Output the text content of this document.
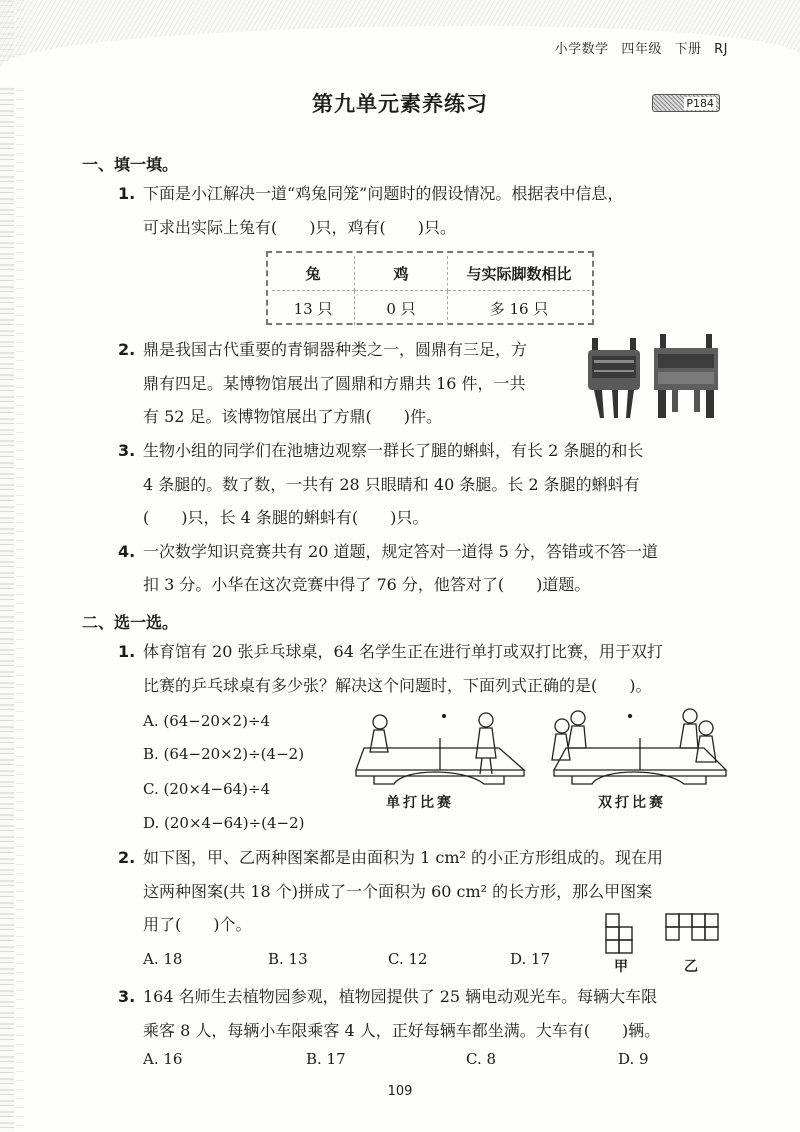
小学数学 四年级 下册 RJ
第九单元素养练习	P184
一、填一填。
1. 下面是小江解决一道“鸡兔同笼”问题时的假设情况。根据表中信息，
可求出实际上兔有(　　)只，鸡有(　　)只。
兔	鸡	与实际脚数相比
13 只	0 只	多 16 只
2. 鼎是我国古代重要的青铜器种类之一，圆鼎有三足，方
鼎有四足。某博物馆展出了圆鼎和方鼎共 16 件，一共
有 52 足。该博物馆展出了方鼎(　　)件。
3. 生物小组的同学们在池塘边观察一群长了腿的蝌蚪，有长 2 条腿的和长
4 条腿的。数了数，一共有 28 只眼睛和 40 条腿。长 2 条腿的蝌蚪有
(　　)只，长 4 条腿的蝌蚪有(　　)只。
4. 一次数学知识竞赛共有 20 道题，规定答对一道得 5 分，答错或不答一道
扣 3 分。小华在这次竞赛中得了 76 分，他答对了(　　)道题。
二、选一选。
1. 体育馆有 20 张乒乓球桌，64 名学生正在进行单打或双打比赛，用于双打
比赛的乒乓球桌有多少张？解决这个问题时，下面列式正确的是(　　)。
A. (64−20×2)÷4
B. (64−20×2)÷(4−2)
C. (20×4−64)÷4
D. (20×4−64)÷(4−2)
单打比赛	双打比赛
2. 如下图，甲、乙两种图案都是由面积为 1 cm² 的小正方形组成的。现在用
这两种图案(共 18 个)拼成了一个面积为 60 cm² 的长方形，那么甲图案
用了(　　)个。
A. 18	B. 13	C. 12	D. 17	甲	乙
3. 164 名师生去植物园参观，植物园提供了 25 辆电动观光车。每辆大车限
乘客 8 人，每辆小车限乘客 4 人，正好每辆车都坐满。大车有(　　)辆。
A. 16	B. 17	C. 8	D. 9
109
